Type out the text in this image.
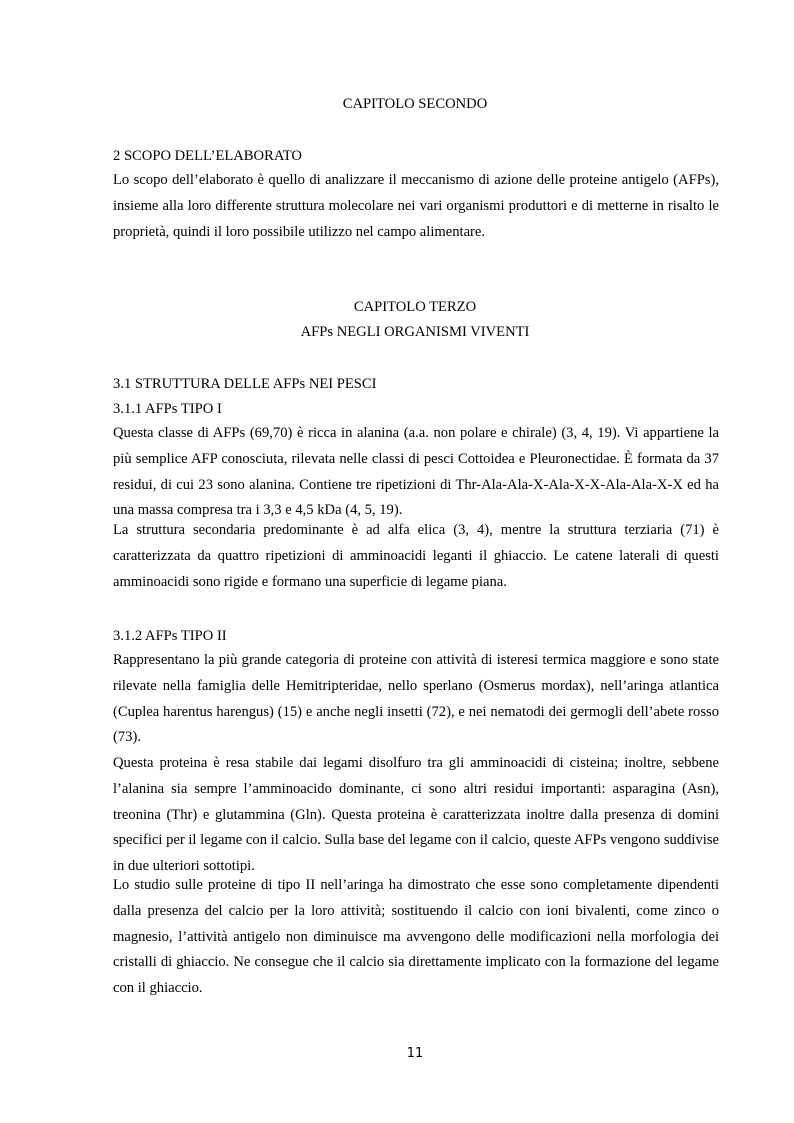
CAPITOLO SECONDO
2 SCOPO DELL’ELABORATO

Lo scopo dell’elaborato è quello di analizzare il meccanismo di azione delle proteine antigelo (AFPs), insieme alla loro differente struttura molecolare nei vari organismi produttori e di metterne in risalto le proprietà, quindi il loro possibile utilizzo nel campo alimentare.

CAPITOLO TERZO
AFPs NEGLI ORGANISMI VIVENTI
3.1 STRUTTURA DELLE AFPs NEI PESCI
3.1.1 AFPs TIPO I

Questa classe di AFPs (69,70) è ricca in alanina (a.a. non polare e chirale) (3, 4, 19). Vi appartiene la più semplice AFP conosciuta, rilevata nelle classi di pesci Cottoidea e Pleuronectidae. È formata da 37 residui, di cui 23 sono alanina. Contiene tre ripetizioni di Thr-Ala-Ala-X-Ala-X-X-Ala-Ala-X-X ed ha una massa compresa tra i 3,3 e 4,5 kDa (4, 5, 19).

La struttura secondaria predominante è ad alfa elica (3, 4), mentre la struttura terziaria (71) è caratterizzata da quattro ripetizioni di amminoacidi leganti il ghiaccio. Le catene laterali di questi amminoacidi sono rigide e formano una superficie di legame piana.

3.1.2 AFPs TIPO II

Rappresentano la più grande categoria di proteine con attività di isteresi termica maggiore e sono state rilevate nella famiglia delle Hemitripteridae, nello sperlano (Osmerus mordax), nell’aringa atlantica (Cuplea harentus harengus) (15) e anche negli insetti (72), e nei nematodi dei germogli dell’abete rosso (73).

Questa proteina è resa stabile dai legami disolfuro tra gli amminoacidi di cisteina; inoltre, sebbene l’alanina sia sempre l’amminoacido dominante, ci sono altri residui importanti: asparagina (Asn), treonina (Thr) e glutammina (Gln). Questa proteina è caratterizzata inoltre dalla presenza di domini specifici per il legame con il calcio. Sulla base del legame con il calcio, queste AFPs vengono suddivise in due ulteriori sottotipi.

Lo studio sulle proteine di tipo II nell’aringa ha dimostrato che esse sono completamente dipendenti dalla presenza del calcio per la loro attività; sostituendo il calcio con ioni bivalenti, come zinco o magnesio, l’attività antigelo non diminuisce ma avvengono delle modificazioni nella morfologia dei cristalli di ghiaccio. Ne consegue che il calcio sia direttamente implicato con la formazione del legame con il ghiaccio.

11
